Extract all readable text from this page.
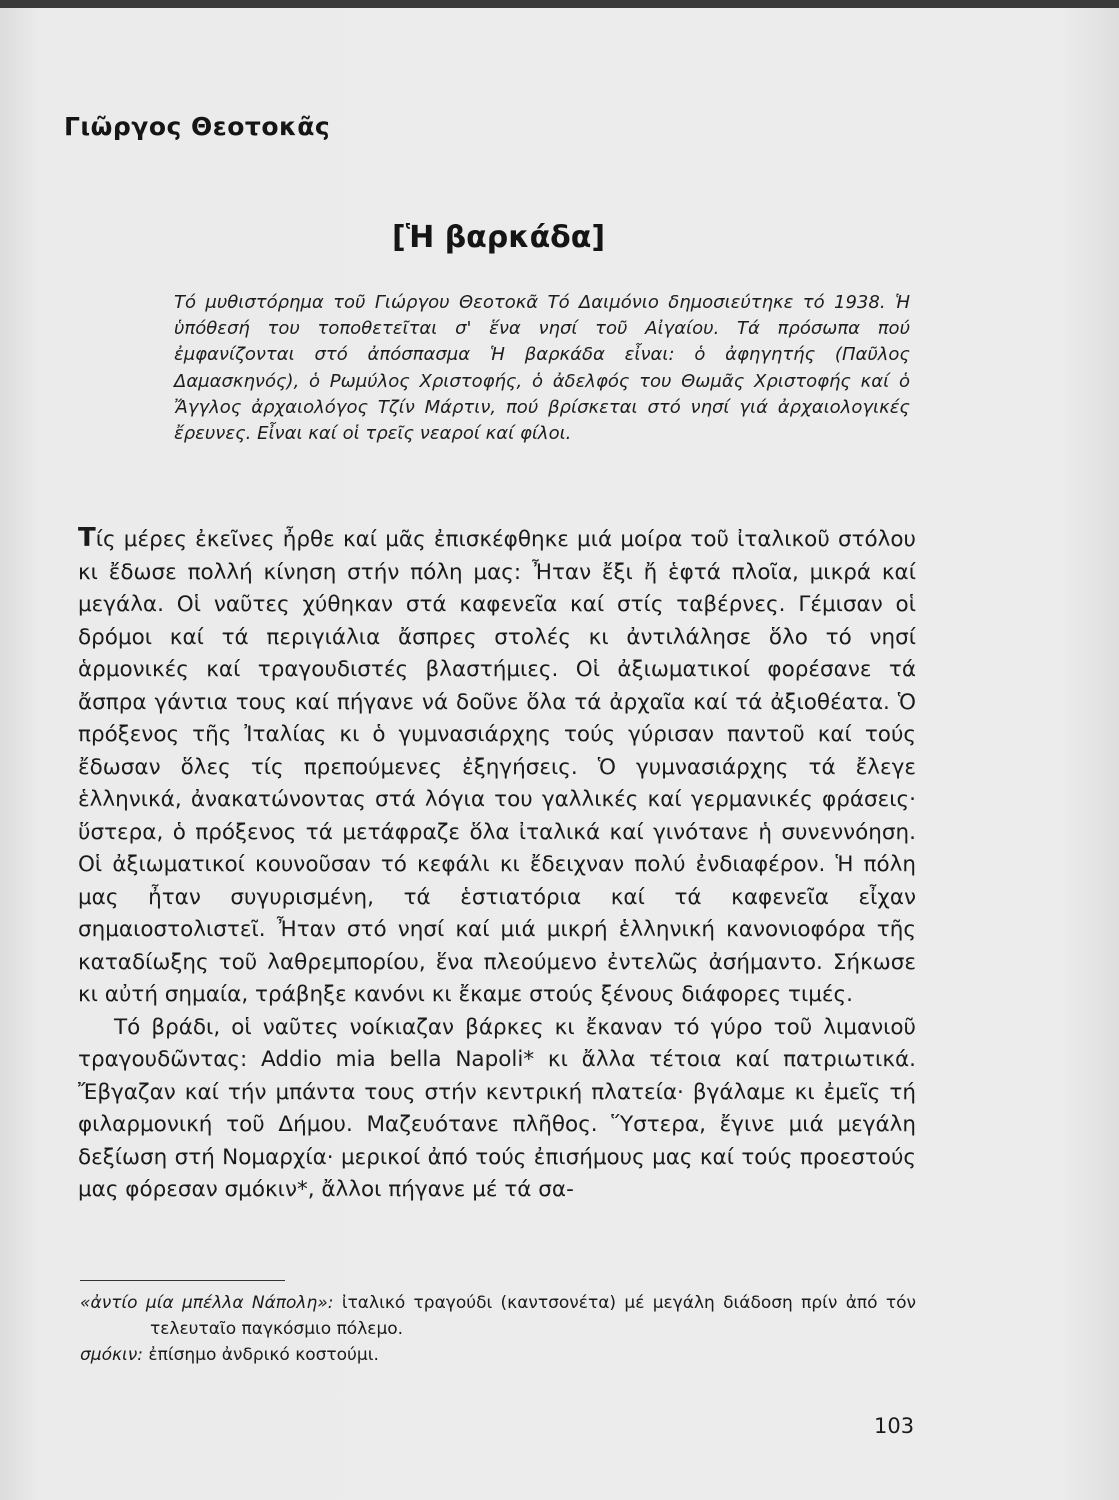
Γιῶργος Θεοτοκᾶς
[Ἡ βαρκάδα]

Τό μυθιστόρημα τοῦ Γιώργου Θεοτοκᾶ Τό Δαιμόνιο δημοσιεύτηκε τό 1938. Ἡ ὑπόθεσή του τοποθετεῖται σ' ἕνα νησί τοῦ Αἰγαίου. Τά πρόσωπα πού ἐμφανίζονται στό ἀπόσπασμα Ἡ βαρκάδα εἶναι: ὁ ἀφηγητής (Παῦλος Δαμασκηνός), ὁ Ρωμύλος Χριστοφής, ὁ ἀδελφός του Θωμᾶς Χριστοφής καί ὁ Ἄγγλος ἀρχαιολόγος Τζίν Μάρτιν, πού βρίσκεται στό νησί γιά ἀρχαιολογικές ἔρευνες. Εἶναι καί οἱ τρεῖς νεαροί καί φίλοι.

Τίς μέρες ἐκεῖνες ἦρθε καί μᾶς ἐπισκέφθηκε μιά μοίρα τοῦ ἰταλικοῦ στόλου κι ἔδωσε πολλή κίνηση στήν πόλη μας: Ἦταν ἔξι ἤ ἑφτά πλοῖα, μικρά καί μεγάλα. Οἱ ναῦτες χύθηκαν στά καφενεῖα καί στίς ταβέρνες. Γέμισαν οἱ δρόμοι καί τά περιγιάλια ἄσπρες στολές κι ἀντιλάλησε ὅλο τό νησί ἁρμονικές καί τραγουδιστές βλαστήμιες. Οἱ ἀξιωματικοί φορέσανε τά ἄσπρα γάντια τους καί πήγανε νά δοῦνε ὅλα τά ἀρχαῖα καί τά ἀξιοθέατα. Ὁ πρόξενος τῆς Ἰταλίας κι ὁ γυμνασιάρχης τούς γύρισαν παντοῦ καί τούς ἔδωσαν ὅλες τίς πρεπούμενες ἐξηγήσεις. Ὁ γυμνασιάρχης τά ἔλεγε ἑλληνικά, ἀνακατώνοντας στά λόγια του γαλλικές καί γερμανικές φράσεις· ὕστερα, ὁ πρόξενος τά μετάφραζε ὅλα ἰταλικά καί γινότανε ἡ συνεννόηση. Οἱ ἀξιωματικοί κουνοῦσαν τό κεφάλι κι ἔδειχναν πολύ ἐνδιαφέρον. Ἡ πόλη μας ἦταν συγυρισμένη, τά ἑστιατόρια καί τά καφενεῖα εἶχαν σημαιοστολιστεῖ. Ἦταν στό νησί καί μιά μικρή ἑλληνική κανονιοφόρα τῆς καταδίωξης τοῦ λαθρεμπορίου, ἕνα πλεούμενο ἐντελῶς ἀσήμαντο. Σήκωσε κι αὐτή σημαία, τράβηξε κανόνι κι ἔκαμε στούς ξένους διάφορες τιμές.

Τό βράδι, οἱ ναῦτες νοίκιαζαν βάρκες κι ἔκαναν τό γύρο τοῦ λιμανιοῦ τραγουδῶντας: Addio mia bella Napoli* κι ἄλλα τέτοια καί πατριωτικά. Ἔβγαζαν καί τήν μπάντα τους στήν κεντρική πλατεία· βγάλαμε κι ἐμεῖς τή φιλαρμονική τοῦ Δήμου. Μαζευότανε πλῆθος. Ὕστερα, ἔγινε μιά μεγάλη δεξίωση στή Νομαρχία· μερικοί ἀπό τούς ἐπισήμους μας καί τούς προεστούς μας φόρεσαν σμόκιν*, ἄλλοι πήγανε μέ τά σα-

«ἀντίο μία μπέλλα Νάπολη»: ἰταλικό τραγούδι (καντσονέτα) μέ μεγάλη διάδοση πρίν ἀπό τόν τελευταῖο παγκόσμιο πόλεμο.

σμόκιν: ἐπίσημο ἀνδρικό κοστούμι.

103
